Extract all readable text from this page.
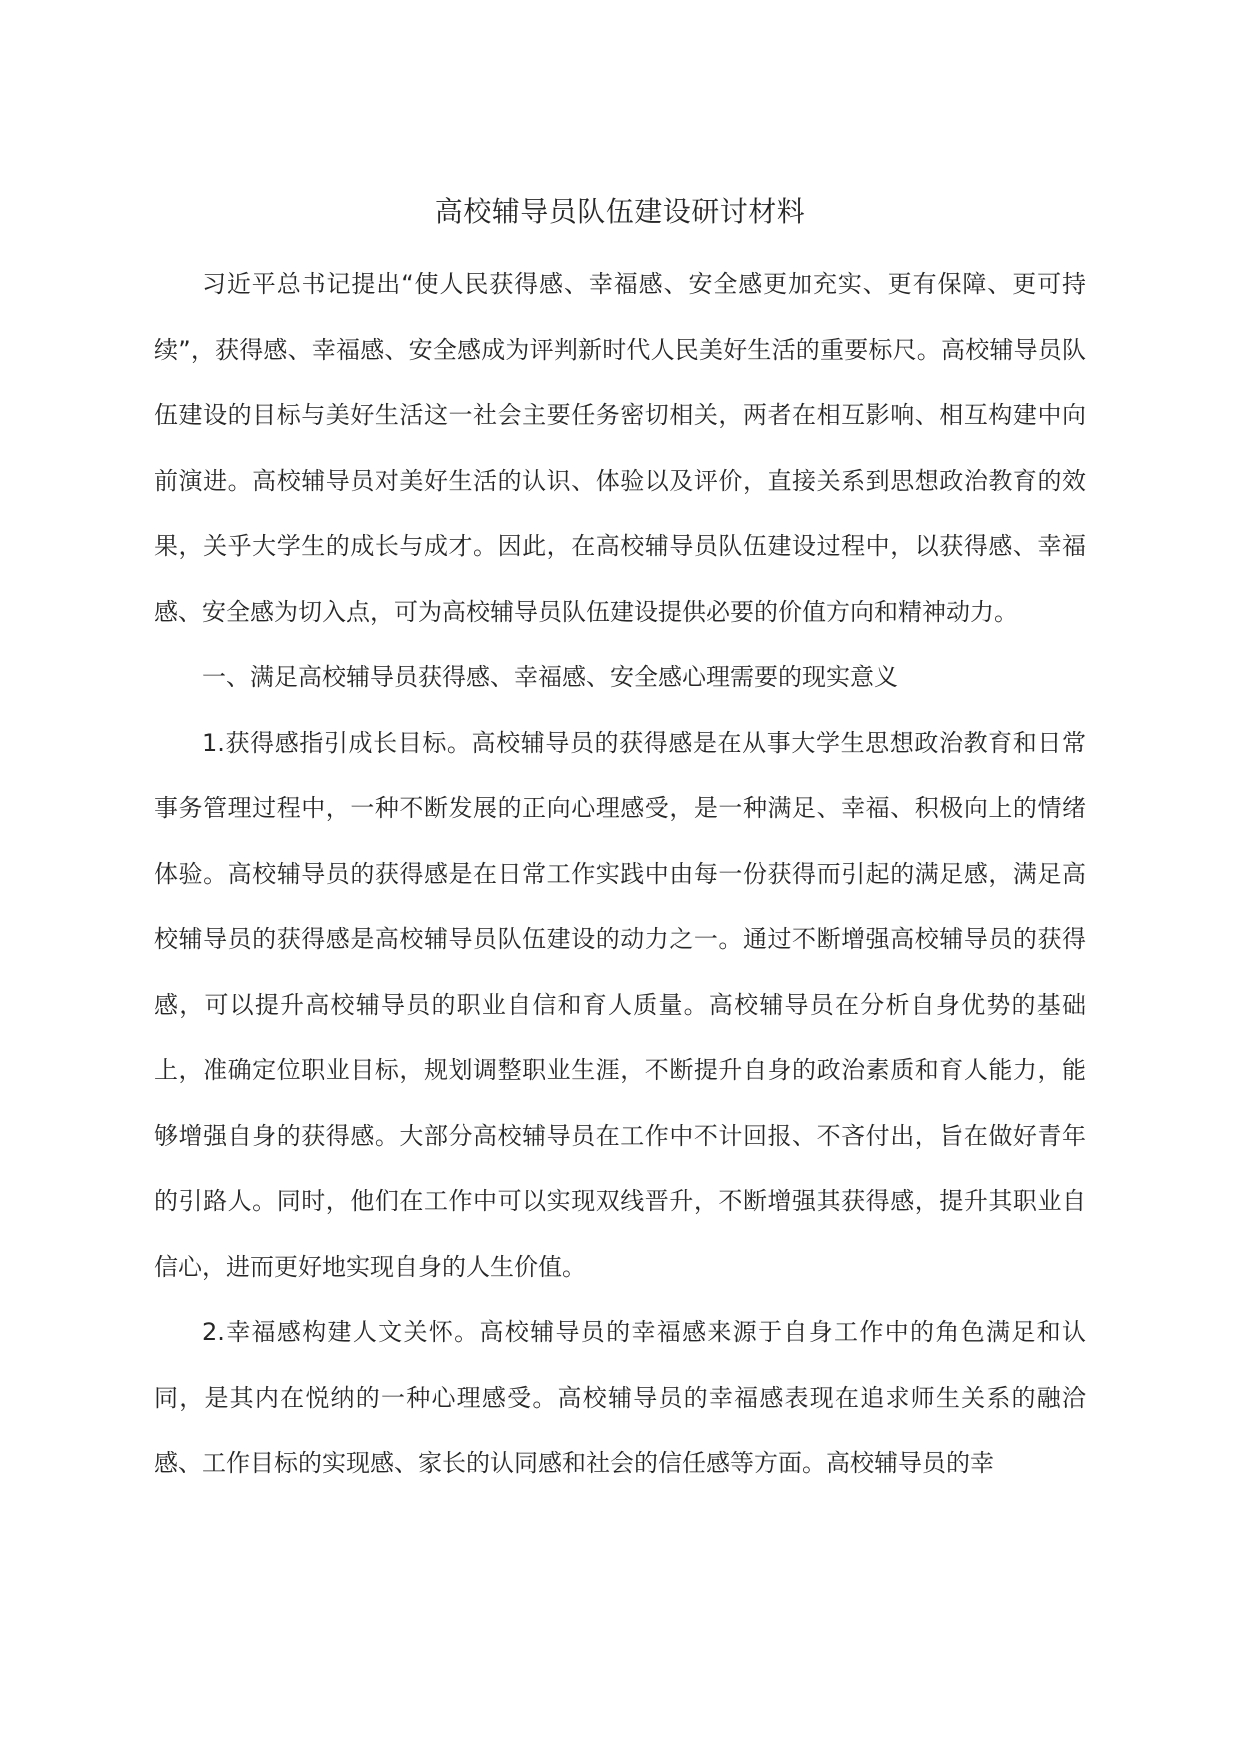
高校辅导员队伍建设研讨材料

习近平总书记提出“使人民获得感、幸福感、安全感更加充实、更有保障、更可持续”，获得感、幸福感、安全感成为评判新时代人民美好生活的重要标尺。高校辅导员队伍建设的目标与美好生活这一社会主要任务密切相关，两者在相互影响、相互构建中向前演进。高校辅导员对美好生活的认识、体验以及评价，直接关系到思想政治教育的效果，关乎大学生的成长与成才。因此，在高校辅导员队伍建设过程中，以获得感、幸福感、安全感为切入点，可为高校辅导员队伍建设提供必要的价值方向和精神动力。

一、满足高校辅导员获得感、幸福感、安全感心理需要的现实意义

1.获得感指引成长目标。高校辅导员的获得感是在从事大学生思想政治教育和日常事务管理过程中，一种不断发展的正向心理感受，是一种满足、幸福、积极向上的情绪体验。高校辅导员的获得感是在日常工作实践中由每一份获得而引起的满足感，满足高校辅导员的获得感是高校辅导员队伍建设的动力之一。通过不断增强高校辅导员的获得感，可以提升高校辅导员的职业自信和育人质量。高校辅导员在分析自身优势的基础上，准确定位职业目标，规划调整职业生涯，不断提升自身的政治素质和育人能力，能够增强自身的获得感。大部分高校辅导员在工作中不计回报、不吝付出，旨在做好青年的引路人。同时，他们在工作中可以实现双线晋升，不断增强其获得感，提升其职业自信心，进而更好地实现自身的人生价值。

2.幸福感构建人文关怀。高校辅导员的幸福感来源于自身工作中的角色满足和认同，是其内在悦纳的一种心理感受。高校辅导员的幸福感表现在追求师生关系的融洽感、工作目标的实现感、家长的认同感和社会的信任感等方面。高校辅导员的幸
